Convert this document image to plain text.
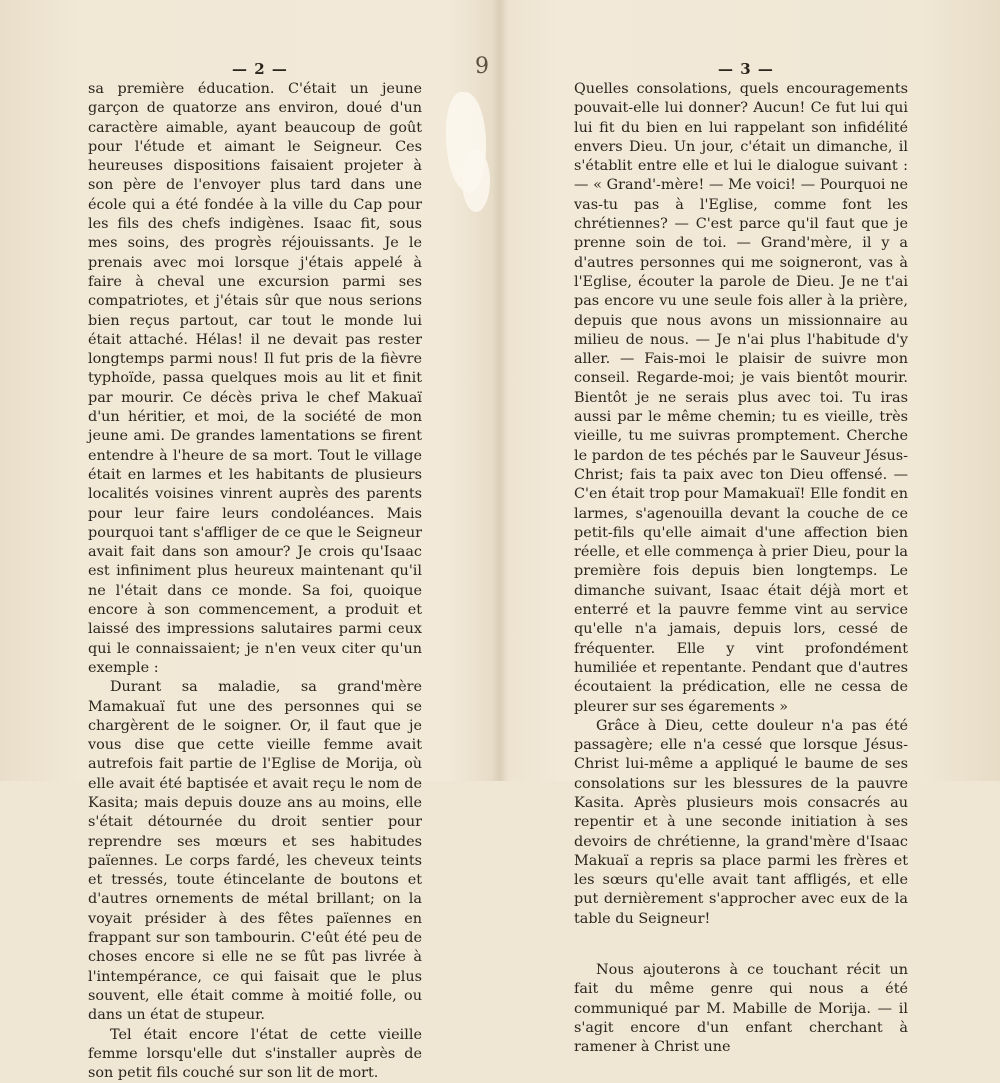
9
— 2 —	— 3 —

sa première éducation. C'était un jeune garçon de quatorze ans environ, doué d'un caractère aimable, ayant beaucoup de goût pour l'étude et aimant le Seigneur. Ces heureuses dispositions faisaient projeter à son père de l'envoyer plus tard dans une école qui a été fondée à la ville du Cap pour les fils des chefs indigènes. Isaac fit, sous mes soins, des progrès réjouissants. Je le prenais avec moi lorsque j'étais appelé à faire à cheval une excursion parmi ses compatriotes, et j'étais sûr que nous serions bien reçus partout, car tout le monde lui était attaché. Hélas! il ne devait pas rester longtemps parmi nous! Il fut pris de la fièvre typhoïde, passa quelques mois au lit et finit par mourir. Ce décès priva le chef Makuaï d'un héritier, et moi, de la société de mon jeune ami. De grandes lamentations se firent entendre à l'heure de sa mort. Tout le village était en larmes et les habitants de plusieurs localités voisines vinrent auprès des parents pour leur faire leurs condoléances. Mais pourquoi tant s'affliger de ce que le Seigneur avait fait dans son amour? Je crois qu'Isaac est infiniment plus heureux maintenant qu'il ne l'était dans ce monde. Sa foi, quoique encore à son commencement, a produit et laissé des impressions salutaires parmi ceux qui le connaissaient; je n'en veux citer qu'un exemple :

Durant sa maladie, sa grand'mère Mamakuaï fut une des personnes qui se chargèrent de le soigner. Or, il faut que je vous dise que cette vieille femme avait autrefois fait partie de l'Eglise de Morija, où elle avait été baptisée et avait reçu le nom de Kasita; mais depuis douze ans au moins, elle s'était détournée du droit sentier pour reprendre ses mœurs et ses habitudes païennes. Le corps fardé, les cheveux teints et tressés, toute étincelante de boutons et d'autres ornements de métal brillant; on la voyait présider à des fêtes païennes en frappant sur son tambourin. C'eût été peu de choses encore si elle ne se fût pas livrée à l'intempérance, ce qui faisait que le plus souvent, elle était comme à moitié folle, ou dans un état de stupeur.

Tel était encore l'état de cette vieille femme lorsqu'elle dut s'installer auprès de son petit fils couché sur son lit de mort.

Quelles consolations, quels encouragements pouvait-elle lui donner? Aucun! Ce fut lui qui lui fit du bien en lui rappelant son infidélité envers Dieu. Un jour, c'était un dimanche, il s'établit entre elle et lui le dialogue suivant : — « Grand'-mère! — Me voici! — Pourquoi ne vas-tu pas à l'Eglise, comme font les chrétiennes? — C'est parce qu'il faut que je prenne soin de toi. — Grand'mère, il y a d'autres personnes qui me soigneront, vas à l'Eglise, écouter la parole de Dieu. Je ne t'ai pas encore vu une seule fois aller à la prière, depuis que nous avons un missionnaire au milieu de nous. — Je n'ai plus l'habitude d'y aller. — Fais-moi le plaisir de suivre mon conseil. Regarde-moi; je vais bientôt mourir. Bientôt je ne serais plus avec toi. Tu iras aussi par le même chemin; tu es vieille, très vieille, tu me suivras promptement. Cherche le pardon de tes péchés par le Sauveur Jésus-Christ; fais ta paix avec ton Dieu offensé. — C'en était trop pour Mamakuaï! Elle fondit en larmes, s'agenouilla devant la couche de ce petit-fils qu'elle aimait d'une affection bien réelle, et elle commença à prier Dieu, pour la première fois depuis bien longtemps. Le dimanche suivant, Isaac était déjà mort et enterré et la pauvre femme vint au service qu'elle n'a jamais, depuis lors, cessé de fréquenter. Elle y vint profondément humiliée et repentante. Pendant que d'autres écoutaient la prédication, elle ne cessa de pleurer sur ses égarements »

Grâce à Dieu, cette douleur n'a pas été passagère; elle n'a cessé que lorsque Jésus-Christ lui-même a appliqué le baume de ses consolations sur les blessures de la pauvre Kasita. Après plusieurs mois consacrés au repentir et à une seconde initiation à ses devoirs de chrétienne, la grand'mère d'Isaac Makuaï a repris sa place parmi les frères et les sœurs qu'elle avait tant affligés, et elle put dernièrement s'approcher avec eux de la table du Seigneur!

Nous ajouterons à ce touchant récit un fait du même genre qui nous a été communiqué par M. Mabille de Morija. — il s'agit encore d'un enfant cherchant à ramener à Christ une
